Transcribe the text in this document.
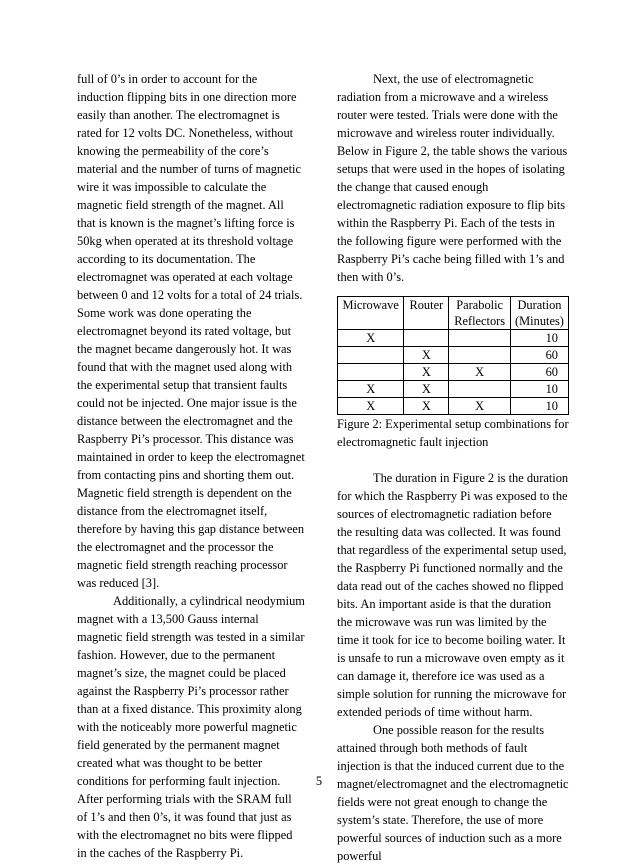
full of 0’s in order to account for the induction flipping bits in one direction more easily than another. The electromagnet is rated for 12 volts DC. Nonetheless, without knowing the permeability of the core’s material and the number of turns of magnetic wire it was impossible to calculate the magnetic field strength of the magnet. All that is known is the magnet’s lifting force is 50kg when operated at its threshold voltage according to its documentation. The electromagnet was operated at each voltage between 0 and 12 volts for a total of 24 trials. Some work was done operating the electromagnet beyond its rated voltage, but the magnet became dangerously hot. It was found that with the magnet used along with the experimental setup that transient faults could not be injected. One major issue is the distance between the electromagnet and the Raspberry Pi’s processor. This distance was maintained in order to keep the electromagnet from contacting pins and shorting them out. Magnetic field strength is dependent on the distance from the electromagnet itself, therefore by having this gap distance between the electromagnet and the processor the magnetic field strength reaching processor was reduced [3].

Additionally, a cylindrical neodymium magnet with a 13,500 Gauss internal magnetic field strength was tested in a similar fashion. However, due to the permanent magnet’s size, the magnet could be placed against the Raspberry Pi’s processor rather than at a fixed distance. This proximity along with the noticeably more powerful magnetic field generated by the permanent magnet created what was thought to be better conditions for performing fault injection. After performing trials with the SRAM full of 1’s and then 0’s, it was found that just as with the electromagnet no bits were flipped in the caches of the Raspberry Pi.

Next, the use of electromagnetic radiation from a microwave and a wireless router were tested. Trials were done with the microwave and wireless router individually. Below in Figure 2, the table shows the various setups that were used in the hopes of isolating the change that caused enough electromagnetic radiation exposure to flip bits within the Raspberry Pi. Each of the tests in the following figure were performed with the Raspberry Pi’s cache being filled with 1’s and then with 0’s.

Microwave	Router	Parabolic Reflectors	Duration (Minutes)
X			10
	X		60
	X	X	60
X	X		10
X	X	X	10

Figure 2: Experimental setup combinations for electromagnetic fault injection

The duration in Figure 2 is the duration for which the Raspberry Pi was exposed to the sources of electromagnetic radiation before the resulting data was collected. It was found that regardless of the experimental setup used, the Raspberry Pi functioned normally and the data read out of the caches showed no flipped bits. An important aside is that the duration the microwave was run was limited by the time it took for ice to become boiling water. It is unsafe to run a microwave oven empty as it can damage it, therefore ice was used as a simple solution for running the microwave for extended periods of time without harm.

One possible reason for the results attained through both methods of fault injection is that the induced current due to the magnet/electromagnet and the electromagnetic fields were not great enough to change the system’s state. Therefore, the use of more powerful sources of induction such as a more powerful

5
